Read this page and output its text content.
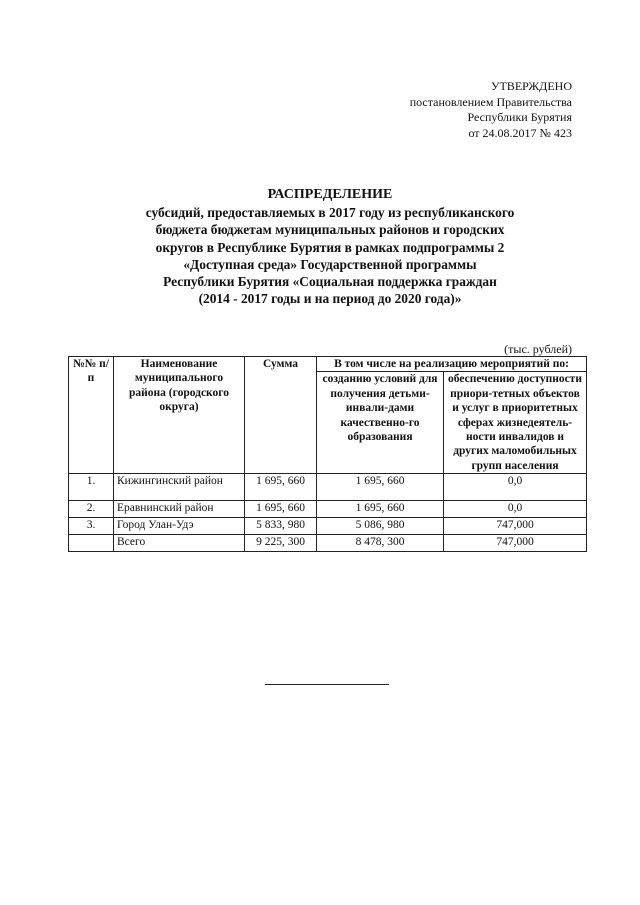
УТВЕРЖДЕНО
постановлением Правительства
Республики Бурятия
от 24.08.2017 № 423
РАСПРЕДЕЛЕНИЕ
субсидий, предоставляемых в 2017 году из республиканского
бюджета бюджетам муниципальных районов и городских
округов в Республике Бурятия в рамках подпрограммы 2
«Доступная среда» Государственной программы
Республики Бурятия «Социальная поддержка граждан
(2014 - 2017 годы и на период до 2020 года)»
(тыс. рублей)
№№ п/п	Наименование муниципального района (городского округа)	Сумма	В том числе на реализацию мероприятий по:	
			созданию условий для получения детьми-инвали-дами качественно-го образования	обеспечению доступности приори-тетных объектов и услуг в приоритетных сферах жизнедеятель-ности инвалидов и других маломобильных групп населения
1.	Кижингинский район	1 695, 660	1 695, 660	0,0
2.	Еравнинский район	1 695, 660	1 695, 660	0,0
3.	Город Улан-Удэ	5 833, 980	5 086, 980	747,000
	Всего	9 225, 300	8 478, 300	747,000
